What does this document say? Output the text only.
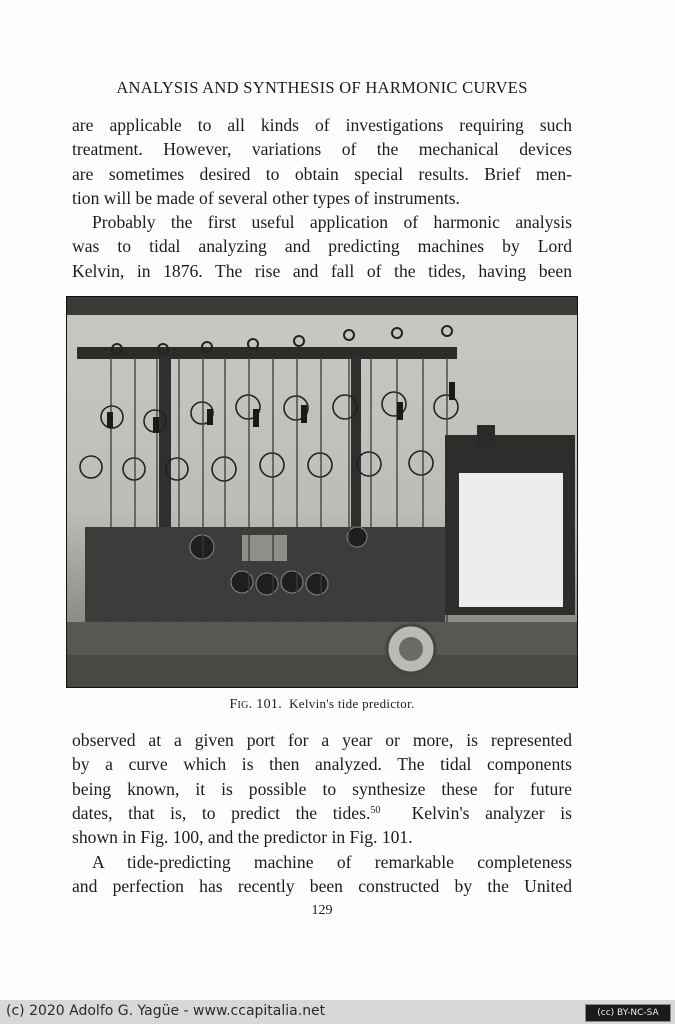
ANALYSIS AND SYNTHESIS OF HARMONIC CURVES
are applicable to all kinds of investigations requiring such
treatment. However, variations of the mechanical devices
are sometimes desired to obtain special results. Brief men-
tion will be made of several other types of instruments.
Probably the first useful application of harmonic analysis
was to tidal analyzing and predicting machines by Lord
Kelvin, in 1876. The rise and fall of the tides, having been
Fig. 101. Kelvin's tide predictor.
observed at a given port for a year or more, is represented
by a curve which is then analyzed. The tidal components
being known, it is possible to synthesize these for future
dates, that is, to predict the tides.$^{50}$  Kelvin's analyzer is
shown in Fig. 100, and the predictor in Fig. 101.
A tide-predicting machine of remarkable completeness
and perfection has recently been constructed by the United
129
(c) 2020 Adolfo G. Yagüe - www.ccapitalia.net	(cc) BY-NC-SA
